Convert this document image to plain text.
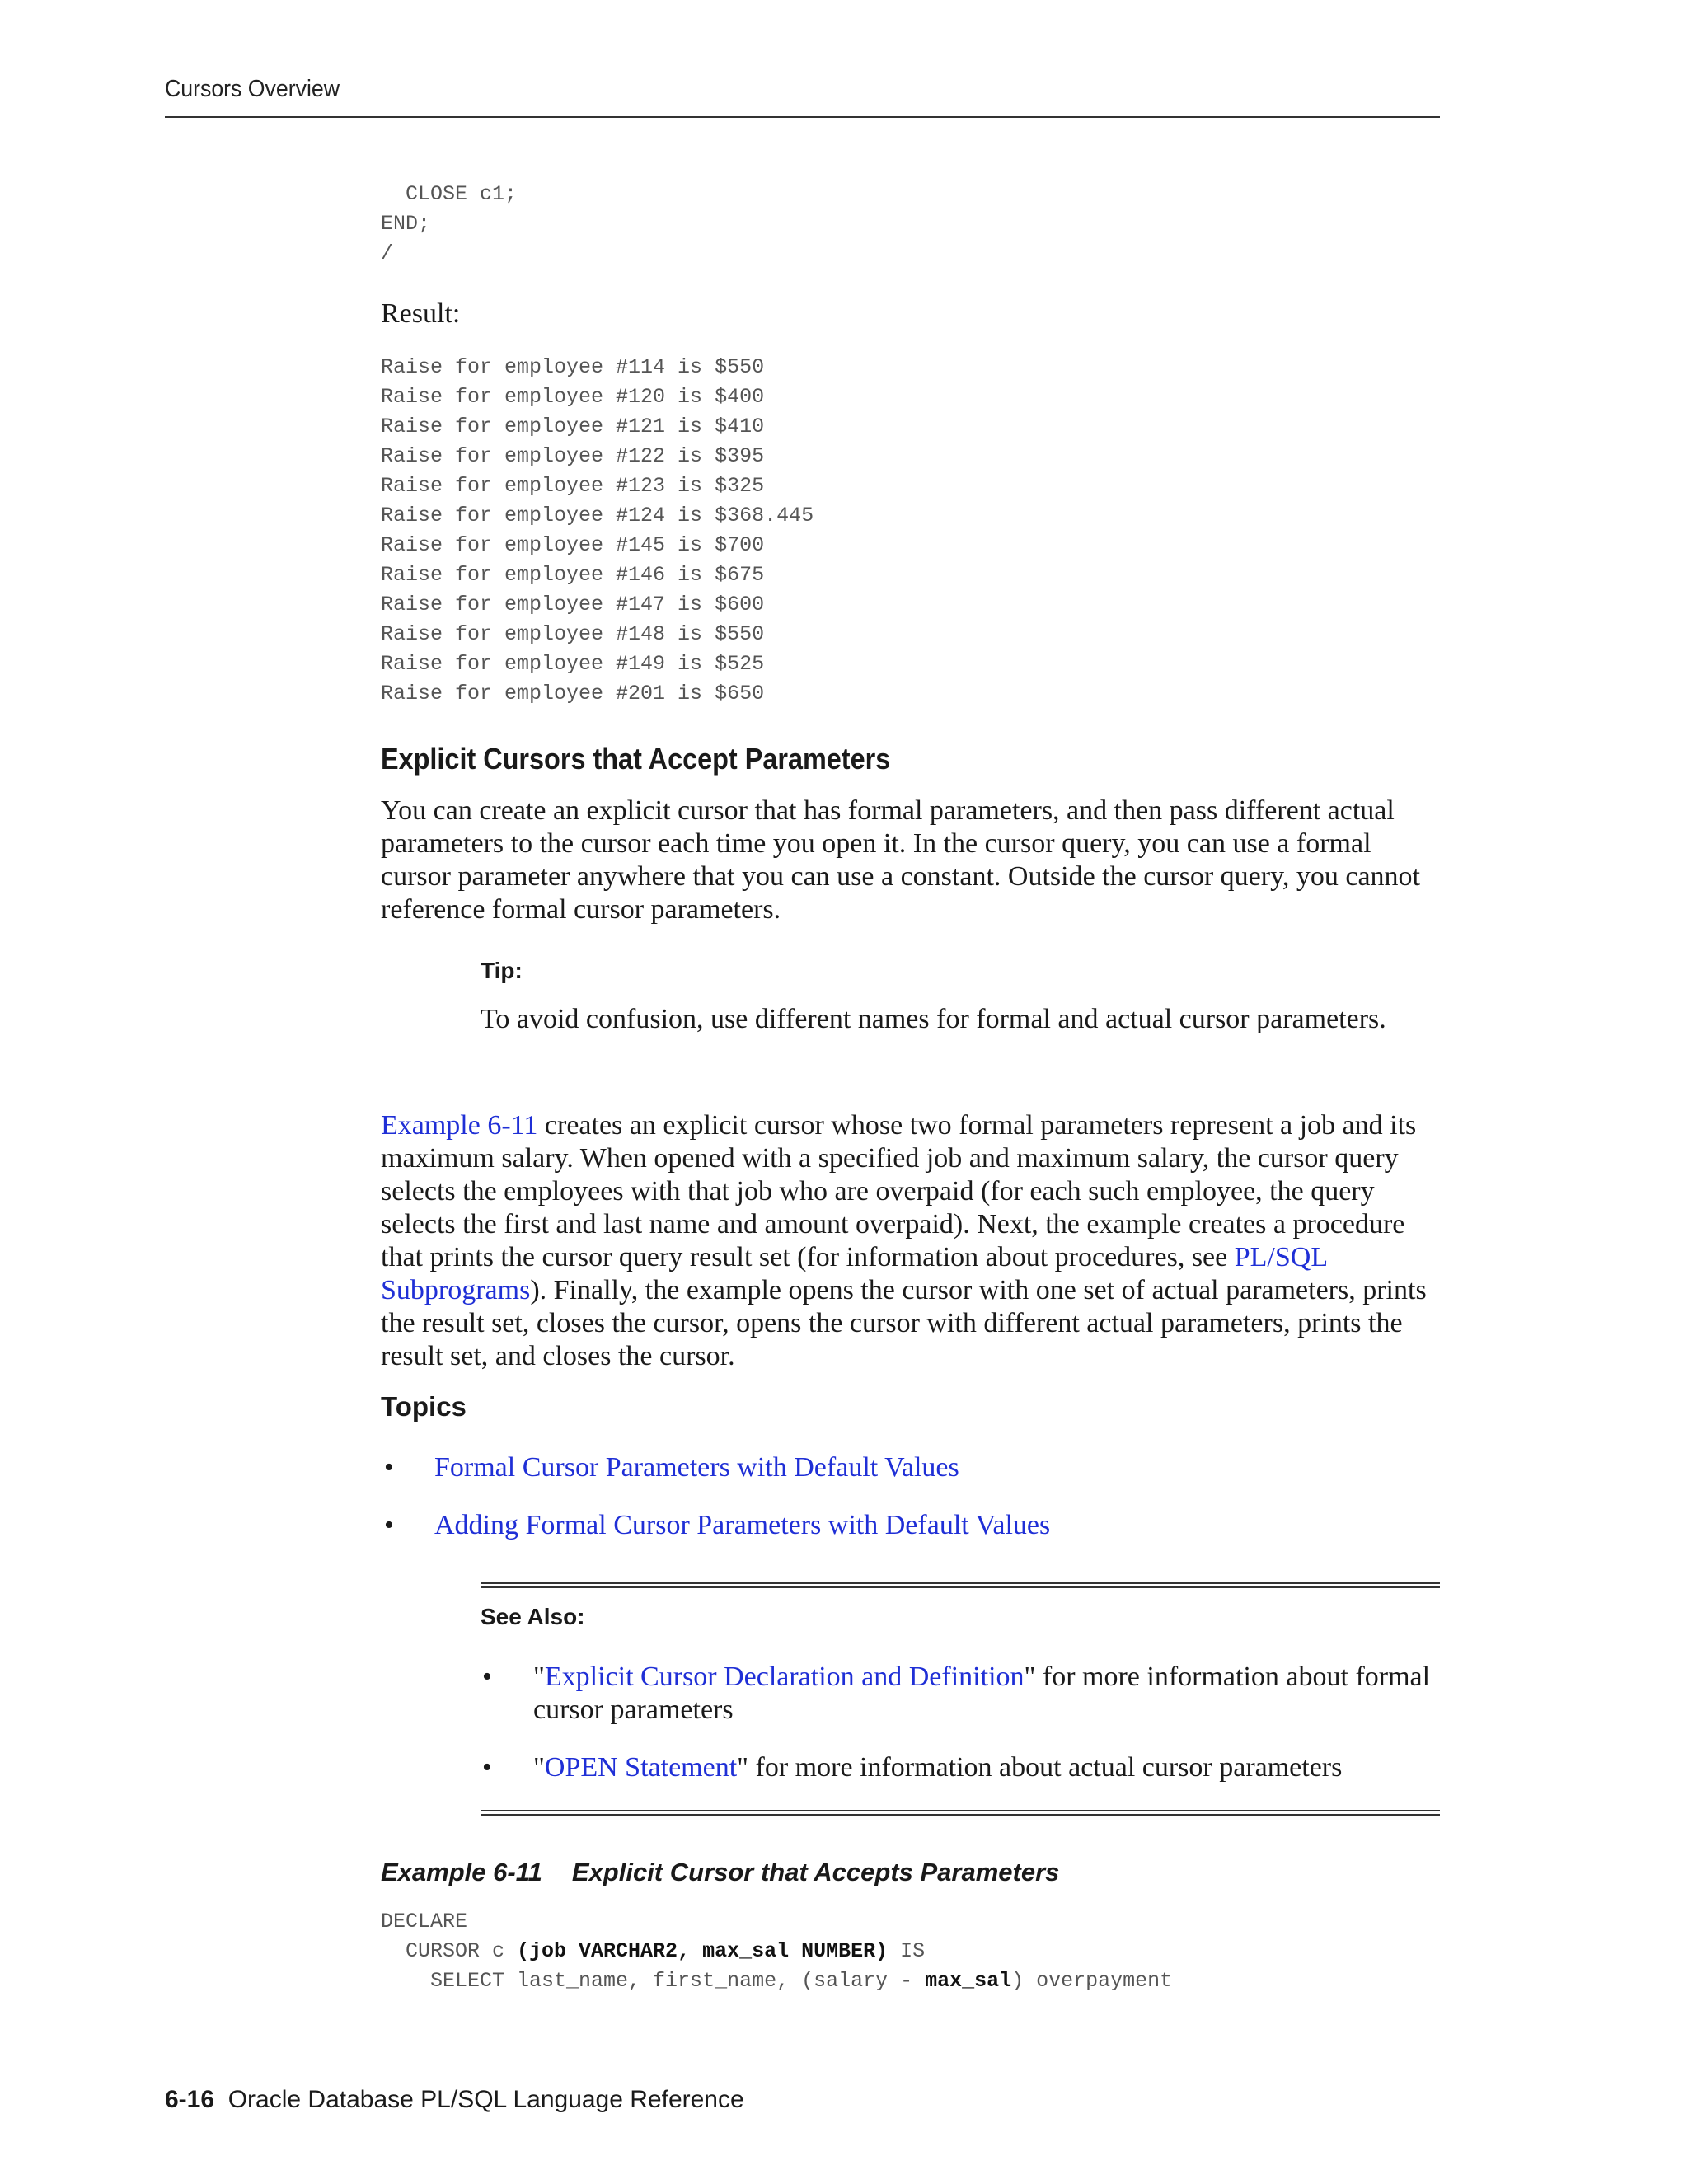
Cursors Overview
CLOSE c1;
END;
/
Result:
Raise for employee #114 is $550
Raise for employee #120 is $400
Raise for employee #121 is $410
Raise for employee #122 is $395
Raise for employee #123 is $325
Raise for employee #124 is $368.445
Raise for employee #145 is $700
Raise for employee #146 is $675
Raise for employee #147 is $600
Raise for employee #148 is $550
Raise for employee #149 is $525
Raise for employee #201 is $650
Explicit Cursors that Accept Parameters

You can create an explicit cursor that has formal parameters, and then pass different actual parameters to the cursor each time you open it. In the cursor query, you can use a formal cursor parameter anywhere that you can use a constant. Outside the cursor query, you cannot reference formal cursor parameters.

Tip:

To avoid confusion, use different names for formal and actual cursor parameters.

Example 6-11 creates an explicit cursor whose two formal parameters represent a job and its maximum salary. When opened with a specified job and maximum salary, the cursor query selects the employees with that job who are overpaid (for each such employee, the query selects the first and last name and amount overpaid). Next, the example creates a procedure that prints the cursor query result set (for information about procedures, see PL/SQL Subprograms). Finally, the example opens the cursor with one set of actual parameters, prints the result set, closes the cursor, opens the cursor with different actual parameters, prints the result set, and closes the cursor.

Topics
• Formal Cursor Parameters with Default Values
• Adding Formal Cursor Parameters with Default Values
See Also:
• "Explicit Cursor Declaration and Definition" for more information about formal cursor parameters
• "OPEN Statement" for more information about actual cursor parameters
Example 6-11 Explicit Cursor that Accepts Parameters
DECLARE
CURSOR c (job VARCHAR2, max_sal NUMBER) IS
SELECT last_name, first_name, (salary - max_sal) overpayment
6-16 Oracle Database PL/SQL Language Reference
